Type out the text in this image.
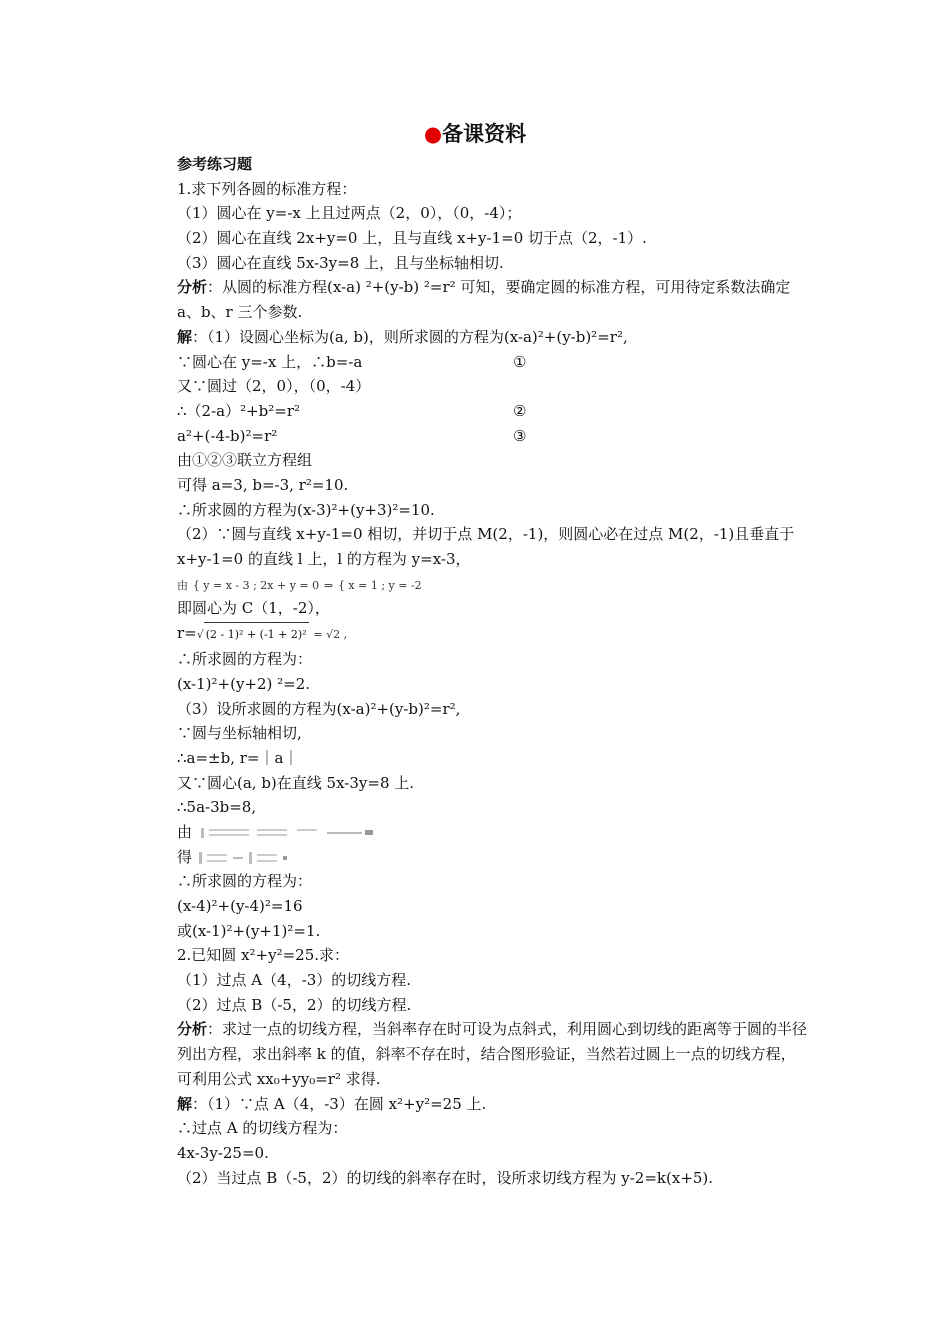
●备课资料
参考练习题
1.求下列各圆的标准方程：
（1）圆心在 y=-x 上且过两点（2，0），（0，-4）；
（2）圆心在直线 2x+y=0 上，且与直线 x+y-1=0 切于点（2，-1）.
（3）圆心在直线 5x-3y=8 上，且与坐标轴相切.
分析：从圆的标准方程(x-a) ²+(y-b) ²=r² 可知，要确定圆的标准方程，可用待定系数法确定 a、b、r 三个参数.
解：（1）设圆心坐标为(a, b)，则所求圆的方程为(x-a)²+(y-b)²=r²,
∵圆心在 y=-x 上，∴b=-a	①
又∵圆过（2，0），（0，-4）
∴（2-a）²+b²=r²	②
a²+(-4-b)²=r²	③
由①②③联立方程组
可得 a=3, b=-3, r²=10.
∴所求圆的方程为(x-3)²+(y+3)²=10.
（2）∵圆与直线 x+y-1=0 相切，并切于点 M(2，-1)，则圆心必在过点 M(2，-1)且垂直于 x+y-1=0 的直线 l 上，l 的方程为 y=x-3，
由 { y = x - 3 ; 2x + y = 0 ⇒ { x = 1 ; y = -2
即圆心为 C（1，-2），
r=√ (2 - 1)² + (-1 + 2)² = √2 ,
∴所求圆的方程为：
(x-1)²+(y+2) ²=2.
（3）设所求圆的方程为(x-a)²+(y-b)²=r²,
∵圆与坐标轴相切,
∴a=±b, r=｜a｜
又∵圆心(a, b)在直线 5x-3y=8 上.
∴5a-3b=8,
由
得
∴所求圆的方程为：
(x-4)²+(y-4)²=16
或(x-1)²+(y+1)²=1.
2.已知圆 x²+y²=25.求：
（1）过点 A（4，-3）的切线方程.
（2）过点 B（-5，2）的切线方程.
分析：求过一点的切线方程，当斜率存在时可设为点斜式，利用圆心到切线的距离等于圆的半径列出方程，求出斜率 k 的值，斜率不存在时，结合图形验证，当然若过圆上一点的切线方程，可利用公式 xx₀+yy₀=r² 求得.
解：（1）∵点 A（4，-3）在圆 x²+y²=25 上.
∴过点 A 的切线方程为：
4x-3y-25=0.
（2）当过点 B（-5，2）的切线的斜率存在时，设所求切线方程为 y-2=k(x+5).
